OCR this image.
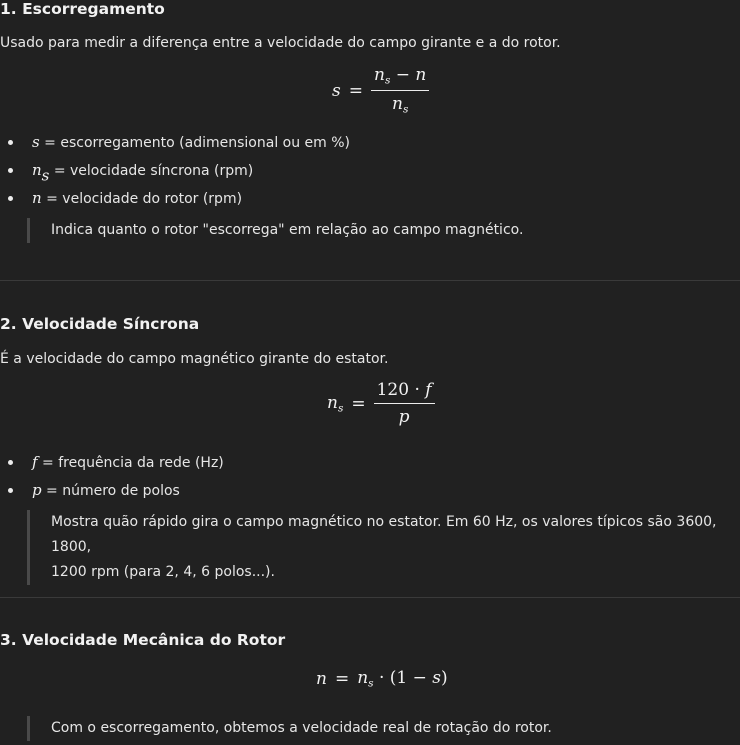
1. Escorregamento
Usado para medir a diferença entre a velocidade do campo girante e a do rotor.
$s = \frac{n_s - n}{n_s}$
s = escorregamento (adimensional ou em %)
ns = velocidade síncrona (rpm)
n = velocidade do rotor (rpm)
Indica quanto o rotor "escorrega" em relação ao campo magnético.
2. Velocidade Síncrona
É a velocidade do campo magnético girante do estator.
$n_s = \frac{120 \cdot f}{p}$
f = frequência da rede (Hz)
p = número de polos
Mostra quão rápido gira o campo magnético no estator. Em 60 Hz, os valores típicos são 3600, 1800,
1200 rpm (para 2, 4, 6 polos...).
3. Velocidade Mecânica do Rotor
$n = n_s \cdot (1 - s)$
Com o escorregamento, obtemos a velocidade real de rotação do rotor.
